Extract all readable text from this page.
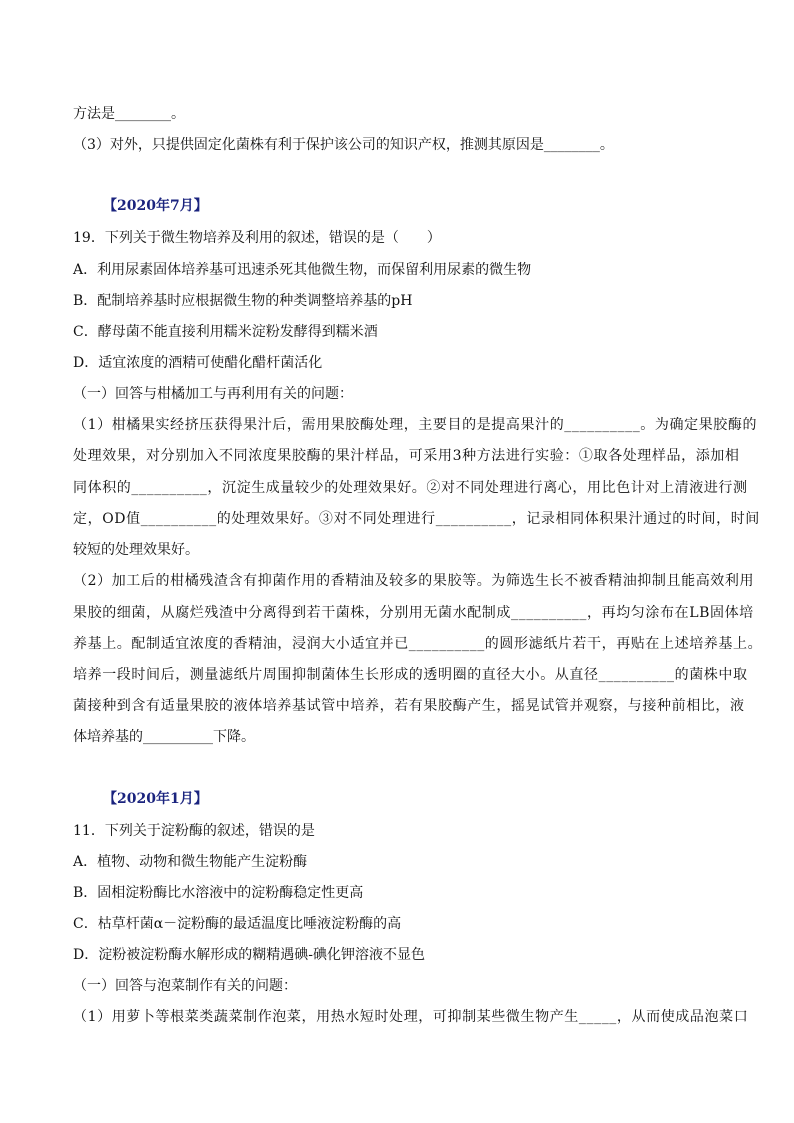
方法是________。
（3）对外，只提供固定化菌株有利于保护该公司的知识产权，推测其原因是________。
【2020年7月】
19．下列关于微生物培养及利用的叙述，错误的是（　　）
A．利用尿素固体培养基可迅速杀死其他微生物，而保留利用尿素的微生物
B．配制培养基时应根据微生物的种类调整培养基的pH
C．酵母菌不能直接利用糯米淀粉发酵得到糯米酒
D．适宜浓度的酒精可使醋化醋杆菌活化
（一）回答与柑橘加工与再利用有关的问题：
（1）柑橘果实经挤压获得果汁后，需用果胶酶处理，主要目的是提高果汁的__________。为确定果胶酶的
处理效果，对分别加入不同浓度果胶酶的果汁样品，可采用3种方法进行实验：①取各处理样品，添加相
同体积的__________，沉淀生成量较少的处理效果好。②对不同处理进行离心，用比色计对上清液进行测
定，OD值__________的处理效果好。③对不同处理进行__________，记录相同体积果汁通过的时间，时间
较短的处理效果好。
（2）加工后的柑橘残渣含有抑菌作用的香精油及较多的果胶等。为筛选生长不被香精油抑制且能高效利用
果胶的细菌，从腐烂残渣中分离得到若干菌株，分别用无菌水配制成__________，再均匀涂布在LB固体培
养基上。配制适宜浓度的香精油，浸润大小适宜并已__________的圆形滤纸片若干，再贴在上述培养基上。
培养一段时间后，测量滤纸片周围抑制菌体生长形成的透明圈的直径大小。从直径__________的菌株中取
菌接种到含有适量果胶的液体培养基试管中培养，若有果胶酶产生，摇晃试管并观察，与接种前相比，液
体培养基的__________下降。
【2020年1月】
11．下列关于淀粉酶的叙述，错误的是
A．植物、动物和微生物能产生淀粉酶
B．固相淀粉酶比水溶液中的淀粉酶稳定性更高
C．枯草杆菌α－淀粉酶的最适温度比唾液淀粉酶的高
D．淀粉被淀粉酶水解形成的糊精遇碘-碘化钾溶液不显色
（一）回答与泡菜制作有关的问题：
（1）用萝卜等根菜类蔬菜制作泡菜，用热水短时处理，可抑制某些微生物产生_____，从而使成品泡菜口
